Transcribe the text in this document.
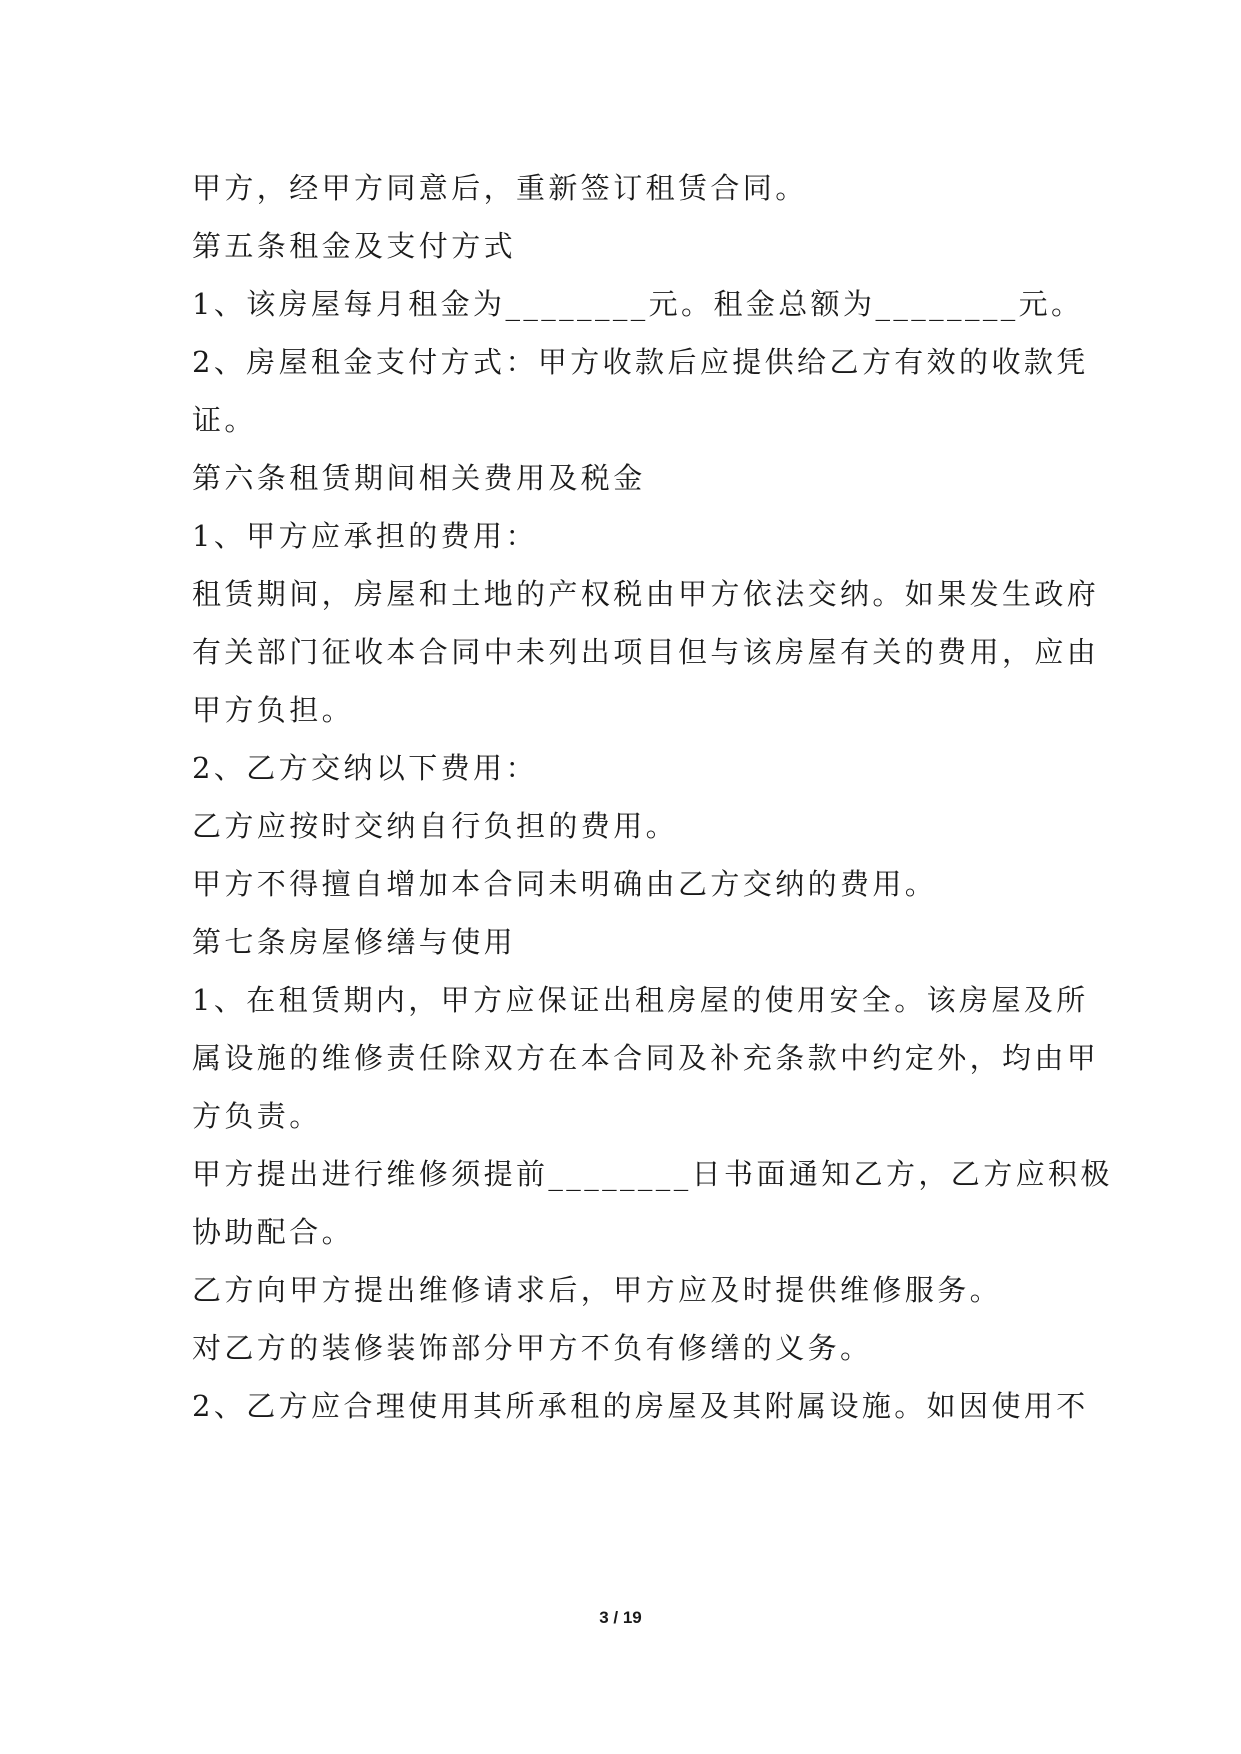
甲方，经甲方同意后，重新签订租赁合同。
第五条租金及支付方式
1、该房屋每月租金为________元。租金总额为________元。
2、房屋租金支付方式：甲方收款后应提供给乙方有效的收款凭
证。
第六条租赁期间相关费用及税金
1、甲方应承担的费用：
租赁期间，房屋和土地的产权税由甲方依法交纳。如果发生政府
有关部门征收本合同中未列出项目但与该房屋有关的费用，应由
甲方负担。
2、乙方交纳以下费用：
乙方应按时交纳自行负担的费用。
甲方不得擅自增加本合同未明确由乙方交纳的费用。
第七条房屋修缮与使用
1、在租赁期内，甲方应保证出租房屋的使用安全。该房屋及所
属设施的维修责任除双方在本合同及补充条款中约定外，均由甲
方负责。
甲方提出进行维修须提前________日书面通知乙方，乙方应积极
协助配合。
乙方向甲方提出维修请求后，甲方应及时提供维修服务。
对乙方的装修装饰部分甲方不负有修缮的义务。
2、乙方应合理使用其所承租的房屋及其附属设施。如因使用不
3 / 19
